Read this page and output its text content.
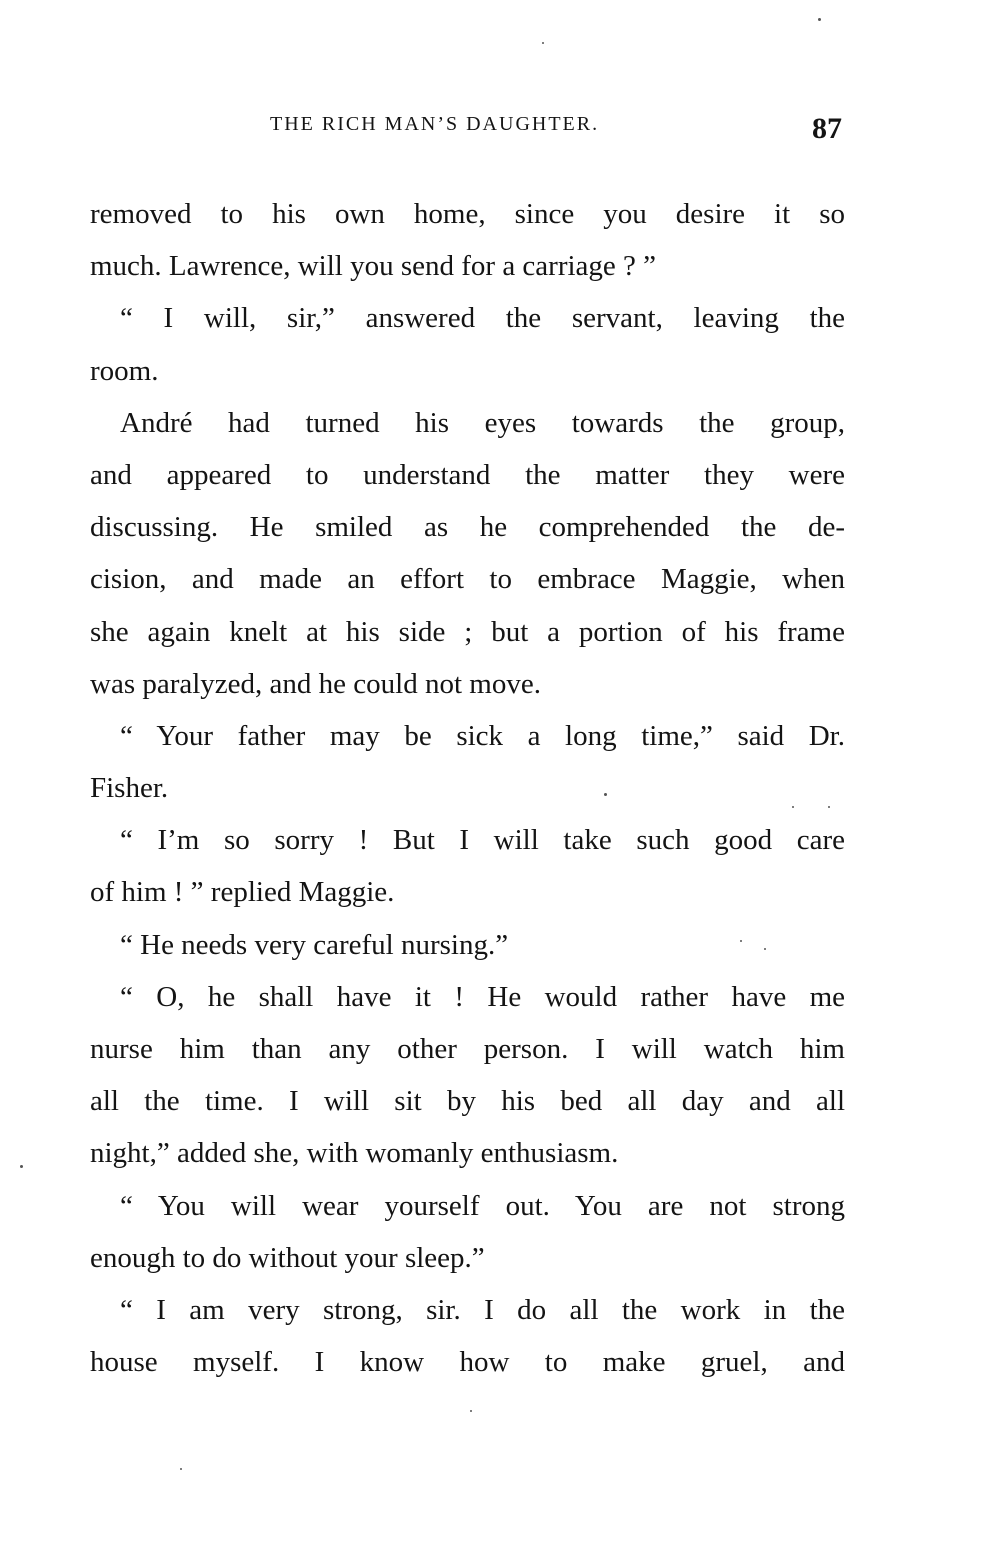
THE RICH MAN’S DAUGHTER.	87
removed to his own home, since you desire it so
much. Lawrence, will you send for a carriage ? ”
“ I will, sir,” answered the servant, leaving the
room.
André had turned his eyes towards the group,
and appeared to understand the matter they were
discussing. He smiled as he comprehended the de-
cision, and made an effort to embrace Maggie, when
she again knelt at his side ; but a portion of his frame
was paralyzed, and he could not move.
“ Your father may be sick a long time,” said Dr.
Fisher.
“ I’m so sorry ! But I will take such good care
of him ! ” replied Maggie.
“ He needs very careful nursing.”
“ O, he shall have it ! He would rather have me
nurse him than any other person. I will watch him
all the time. I will sit by his bed all day and all
night,” added she, with womanly enthusiasm.
“ You will wear yourself out. You are not strong
enough to do without your sleep.”
“ I am very strong, sir. I do all the work in the
house myself. I know how to make gruel, and
